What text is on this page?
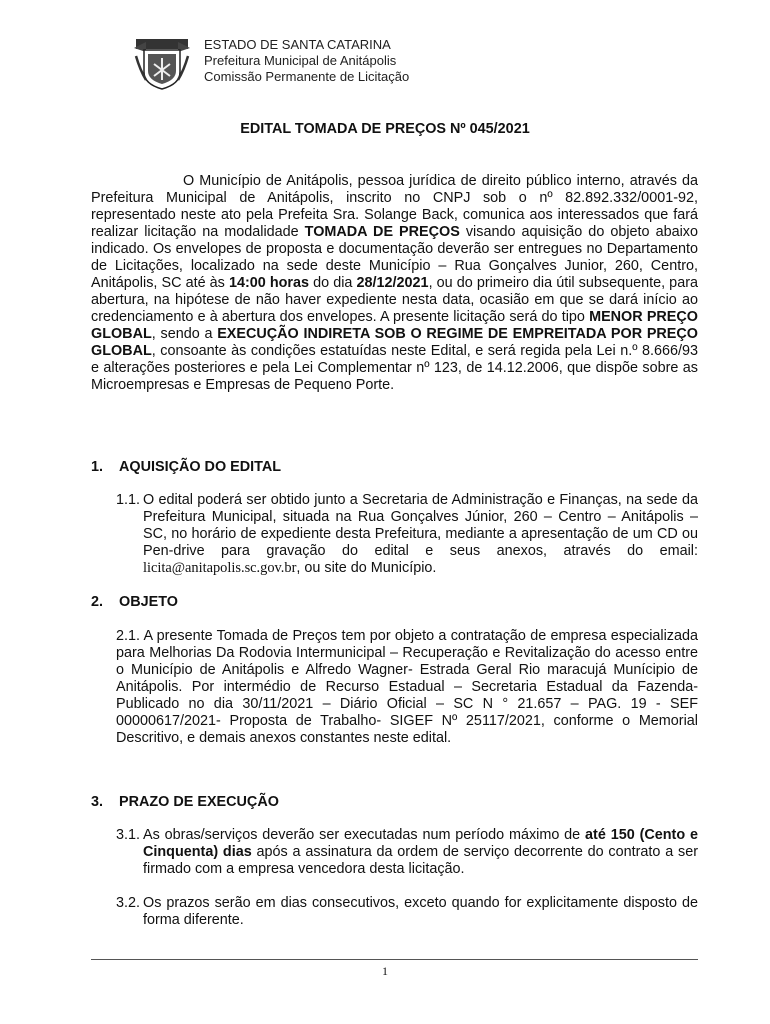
ESTADO DE SANTA CATARINA
Prefeitura Municipal de Anitápolis
Comissão Permanente de Licitação
EDITAL TOMADA DE PREÇOS Nº 045/2021

O Município de Anitápolis, pessoa jurídica de direito público interno, através da Prefeitura Municipal de Anitápolis, inscrito no CNPJ sob o nº 82.892.332/0001-92, representado neste ato pela Prefeita Sra. Solange Back, comunica aos interessados que fará realizar licitação na modalidade TOMADA DE PREÇOS visando aquisição do objeto abaixo indicado. Os envelopes de proposta e documentação deverão ser entregues no Departamento de Licitações, localizado na sede deste Município – Rua Gonçalves Junior, 260, Centro, Anitápolis, SC até às 14:00 horas do dia 28/12/2021, ou do primeiro dia útil subsequente, para abertura, na hipótese de não haver expediente nesta data, ocasião em que se dará início ao credenciamento e à abertura dos envelopes. A presente licitação será do tipo MENOR PREÇO GLOBAL, sendo a EXECUÇÃO INDIRETA SOB O REGIME DE EMPREITADA POR PREÇO GLOBAL, consoante às condições estatuídas neste Edital, e será regida pela Lei n.º 8.666/93 e alterações posteriores e pela Lei Complementar nº 123, de 14.12.2006, que dispõe sobre as Microempresas e Empresas de Pequeno Porte.

1. AQUISIÇÃO DO EDITAL
1.1. O edital poderá ser obtido junto a Secretaria de Administração e Finanças, na sede da Prefeitura Municipal, situada na Rua Gonçalves Júnior, 260 – Centro – Anitápolis – SC, no horário de expediente desta Prefeitura, mediante a apresentação de um CD ou Pen-drive para gravação do edital e seus anexos, através do email: licita@anitapolis.sc.gov.br, ou site do Município.

2. OBJETO

2.1. A presente Tomada de Preços tem por objeto a contratação de empresa especializada para Melhorias Da Rodovia Intermunicipal – Recuperação e Revitalização do acesso entre o Município de Anitápolis e Alfredo Wagner- Estrada Geral Rio maracujá Munícipio de Anitápolis. Por intermédio de Recurso Estadual – Secretaria Estadual da Fazenda- Publicado no dia 30/11/2021 – Diário Oficial – SC N ° 21.657 – PAG. 19 - SEF 00000617/2021- Proposta de Trabalho- SIGEF Nº 25117/2021, conforme o Memorial Descritivo, e demais anexos constantes neste edital.

3. PRAZO DE EXECUÇÃO
3.1. As obras/serviços deverão ser executadas num período máximo de até 150 (Cento e Cinquenta) dias após a assinatura da ordem de serviço decorrente do contrato a ser firmado com a empresa vencedora desta licitação.

3.2. Os prazos serão em dias consecutivos, exceto quando for explicitamente disposto de forma diferente.

1
